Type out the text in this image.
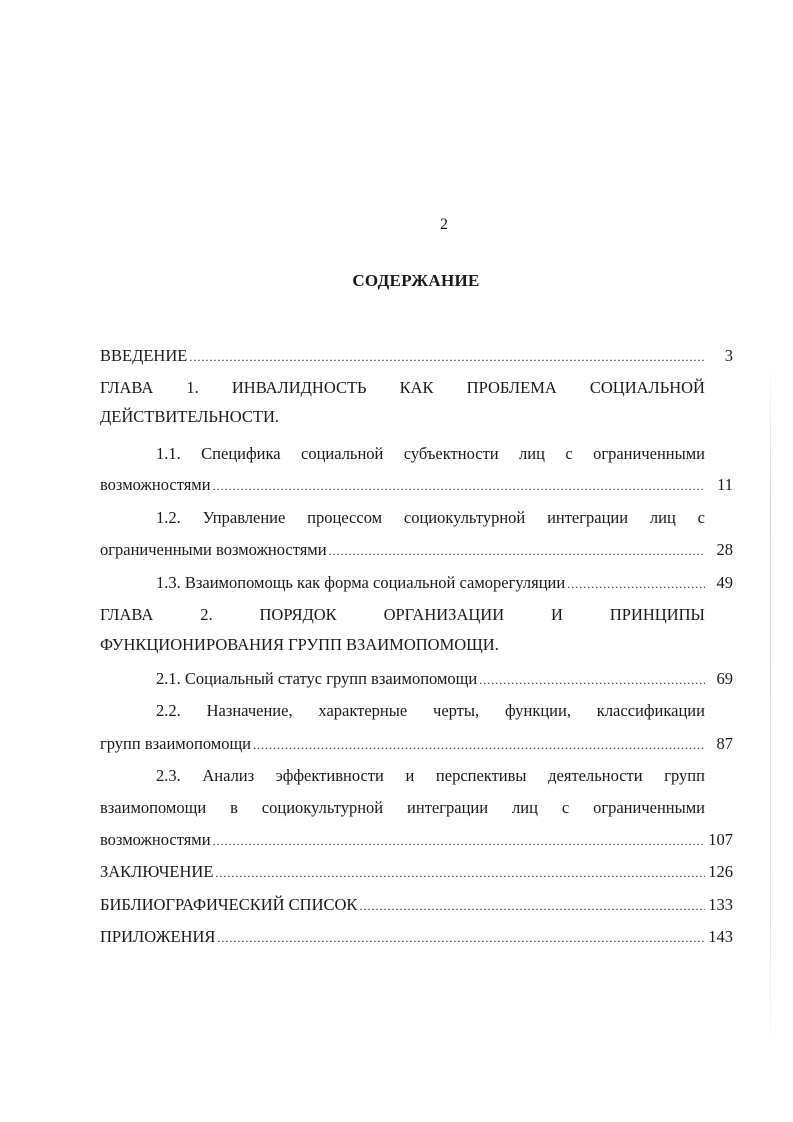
2
СОДЕРЖАНИЕ
ВВЕДЕНИЕ .....	3
ГЛАВА 1. ИНВАЛИДНОСТЬ КАК ПРОБЛЕМА СОЦИАЛЬНОЙ
ДЕЙСТВИТЕЛЬНОСТИ.
1.1. Специфика социальной субъектности лиц с ограниченными
возможностями .....	11
1.2. Управление процессом социокультурной интеграции лиц с
ограниченными возможностями .....	28
1.3. Взаимопомощь как форма социальной саморегуляции .....	49
ГЛАВА	2.	ПОРЯДОК	ОРГАНИЗАЦИИ	И	ПРИНЦИПЫ
ФУНКЦИОНИРОВАНИЯ ГРУПП ВЗАИМОПОМОЩИ.
2.1. Социальный статус групп взаимопомощи .....	69
2.2. Назначение, характерные черты, функции, классификации
групп взаимопомощи .....	87
2.3. Анализ эффективности и перспективы деятельности групп
взаимопомощи в социокультурной интеграции лиц с ограниченными
возможностями .....	107
ЗАКЛЮЧЕНИЕ .....	126
БИБЛИОГРАФИЧЕСКИЙ СПИСОК .....	133
ПРИЛОЖЕНИЯ .....	143
